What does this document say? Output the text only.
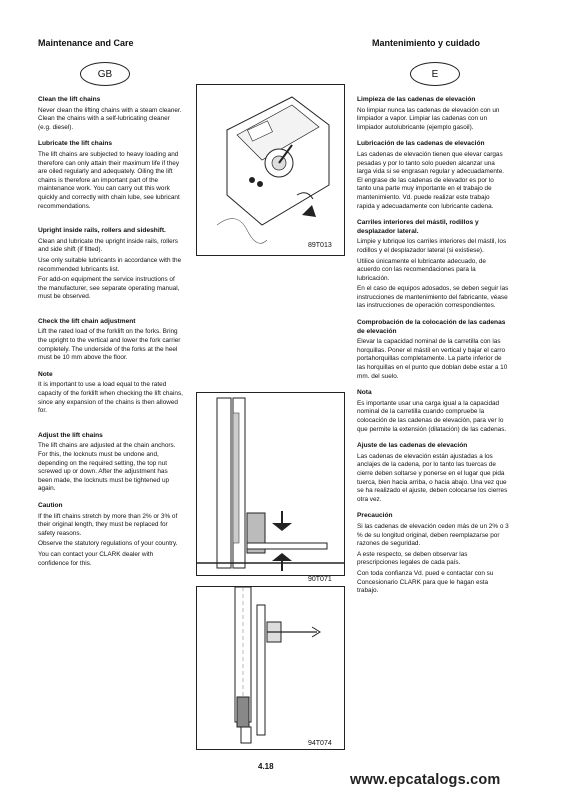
Maintenance and Care	Mantenimiento y cuidado
GB	E
Clean the lift chains

Never clean the lifting chains with a steam cleaner. Clean the chains with a self-lubricating cleaner (e.g. diesel).

Lubricate the lift chains

The lift chains are subjected to heavy loading and therefore can only attain their maximum life if they are oiled regularly and adequately. Oiling the lift chains is therefore an important part of the maintenance work. You can carry out this work quickly and correctly with chain lube, see lubricant recommendations.

Upright inside rails, rollers and sideshift.

Clean and lubricate the upright inside rails, rollers and side shift (if fitted).

Use only suitable lubricants in accordance with the recommended lubricants list.

For add-on equipment the service instructions of the manufacturer, see separate operating manual, must be observed.

Check the lift chain adjustment

Lift the rated load of the forklift on the forks. Bring the upright to the vertical and lower the fork carrier completely. The underside of the forks at the heel must be 10 mm above the floor.

Note

It is important to use a load equal to the rated capacity of the forklift when checking the lift chains, since any expansion of the chains is then allowed for.

Adjust the lift chains

The lift chains are adjusted at the chain anchors. For this, the locknuts must be undone and, depending on the required setting, the top nut screwed up or down. After the adjustment has been made, the locknuts must be tightened up again.

Caution

If the lift chains stretch by more than 2% or 3% of their original length, they must be replaced for safety reasons.

Observe the statutory regulations of your country.

You can contact your CLARK dealer with confidence for this.

Limpieza de las cadenas de elevación

No limpiar nunca las cadenas de elevación con un limpiador a vapor. Limpiar las cadenas con un limpiador autolubricante (ejemplo gasoil).

Lubricación de las cadenas de elevación

Las cadenas de elevación tienen que elevar cargas pesadas y por lo tanto solo pueden alcanzar una larga vida si se engrasan regular y adecuadamente. El engrase de las cadenas de elevador es por lo tanto una parte muy importante en el trabajo de mantenimiento. Vd. puede realizar este trabajo rapida y adecuadamente con lubricante cadena.

Carriles interiores del mástil, rodillos y desplazador lateral.

Limpie y lubrique los carriles interiores del mástil, los rodillos y el desplazador lateral (si existiese).

Utilice únicamente el lubricante adecuado, de acuerdo con las recomendaciones para la lubricación.

En el caso de equipos adosados, se deben seguir las instrucciones de mantenimiento del fabricante, véase las instrucciones de operación correspondientes.

Comprobación de la colocación de las cadenas de elevación

Elevar la capacidad nominal de la carretilla con las horquillas. Poner el mástil en vertical y bajar el carro portahorquillas completamente. La parte inferior de las horquillas en el punto que doblan debe estar a 10 mm. del suelo.

Nota

Es importante usar una carga igual a la capacidad nominal de la carretilla cuando compruebe la colocación de las cadenas de elevación, para ver lo que permite la extensión (dilatación) de las cadenas.

Ajuste de las cadenas de elevación

Las cadenas de elevación están ajustadas a los anclajes de la cadena, por lo tanto las tuercas de cierre deben soltarse y ponerse en el lugar que pida tuerca, bien hacia arriba, o hacia abajo. Una vez que se ha realizado el ajuste, deben colocarse los cierres otra vez.

Precaución

Si las cadenas de elevación ceden más de un 2% o 3 % de su longitud original, deben reemplazarse por razones de seguridad.

A este respecto, se deben observar las prescripciones legales de cada país.

Con toda confianza Vd. pued e contactar con su Concesionario CLARK para que le hagan esta trabajo.

89T013
90T071
94T074
4.18
www.epcatalogs.com
